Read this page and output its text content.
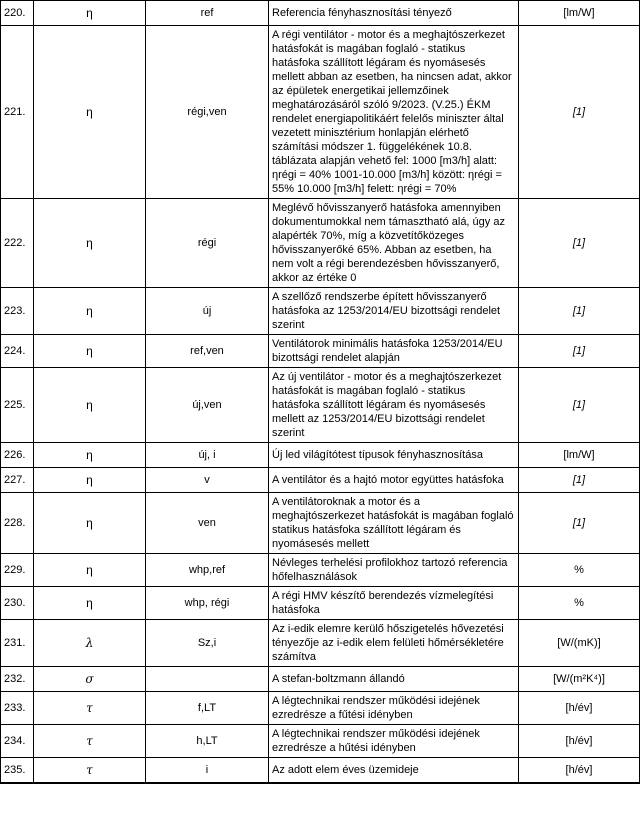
220.	η	ref	Referencia fényhasznosítási tényező	[lm/W]
221.	η	régi,ven	A régi ventilátor - motor és a meghajtószerkezet hatásfokát is magában foglaló - statikus hatásfoka szállított légáram és nyomásesés mellett abban az esetben, ha nincsen adat, akkor az épületek energetikai jellemzőinek meghatározásáról szóló 9/2023. (V.25.) ÉKM rendelet energiapolitikáért felelős miniszter által vezetett minisztérium honlapján elérhető számítási módszer 1. függelékének 10.8. táblázata alapján vehető fel: 1000 [m3/h] alatt: ηrégi = 40% 1001-10.000 [m3/h] között: ηrégi = 55% 10.000 [m3/h] felett: ηrégi = 70%	[1]
222.	η	régi	Meglévő hővisszanyerő hatásfoka amennyiben dokumentumokkal nem támasztható alá, úgy az alapérték 70%, míg a közvetítőközeges hővisszanyerőké 65%. Abban az esetben, ha nem volt a régi berendezésben hővisszanyerő, akkor az értéke 0	[1]
223.	η	új	A szellőző rendszerbe épített hővisszanyerő hatásfoka az 1253/2014/EU bizottsági rendelet szerint	[1]
224.	η	ref,ven	Ventilátorok minimális hatásfoka 1253/2014/EU bizottsági rendelet alapján	[1]
225.	η	új,ven	Az új ventilátor - motor és a meghajtószerkezet hatásfokát is magában foglaló - statikus hatásfoka szállított légáram és nyomásesés mellett az 1253/2014/EU bizottsági rendelet szerint	[1]
226.	η	új, i	Új led világítótest típusok fényhasznosítása	[lm/W]
227.	η	v	A ventilátor és a hajtó motor együttes hatásfoka	[1]
228.	η	ven	A ventilátoroknak a motor és a meghajtószerkezet hatásfokát is magában foglaló statikus hatásfoka szállított légáram és nyomásesés mellett	[1]
229.	η	whp,ref	Névleges terhelési profilokhoz tartozó referencia hőfelhasználások	%
230.	η	whp, régi	A régi HMV készítő berendezés vízmelegítési hatásfoka	%
231.	λ	Sz,i	Az i-edik elemre kerülő hőszigetelés hővezetési tényezője az i-edik elem felületi hőmérsékletére számítva	[W/(mK)]
232.	σ		A stefan-boltzmann állandó	[W/(m²K⁴)]
233.	τ	f,LT	A légtechnikai rendszer működési idejének ezredrésze a fűtési idényben	[h/év]
234.	τ	h,LT	A légtechnikai rendszer működési idejének ezredrésze a hűtési idényben	[h/év]
235.	τ	i	Az adott elem éves üzemideje	[h/év]
